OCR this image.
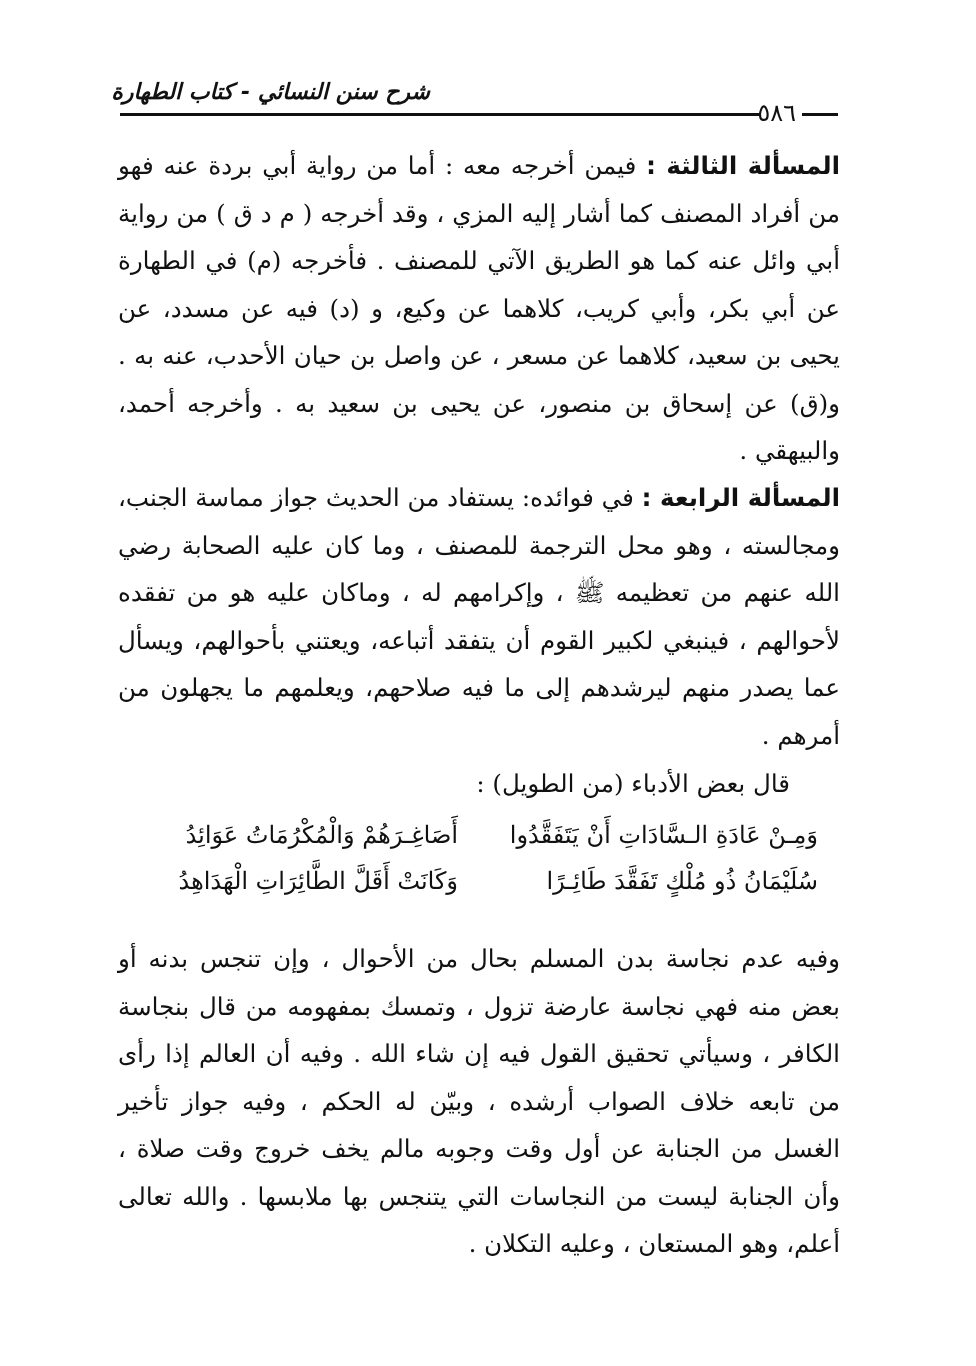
شرح سنن النسائي - كتاب الطهارة
٥٨٦
المسألة الثالثة : فيمن أخرجه معه : أما من رواية أبي بردة عنه فهو من أفراد المصنف كما أشار إليه المزي ، وقد أخرجه ( م د ق ) من رواية أبي وائل عنه كما هو الطريق الآتي للمصنف . فأخرجه (م) في الطهارة عن أبي بكر، وأبي كريب، كلاهما عن وكيع، و (د) فيه عن مسدد، عن يحيى بن سعيد، كلاهما عن مسعر ، عن واصل بن حيان الأحدب، عنه به . و(ق) عن إسحاق بن منصور، عن يحيى بن سعيد به . وأخرجه أحمد، والبيهقي .
المسألة الرابعة : في فوائده: يستفاد من الحديث جواز مماسة الجنب، ومجالسته ، وهو محل الترجمة للمصنف ، وما كان عليه الصحابة رضي الله عنهم من تعظيمه ﷺ ، وإكرامهم له ، وماكان عليه هو من تفقده لأحوالهم ، فينبغي لكبير القوم أن يتفقد أتباعه، ويعتني بأحوالهم، ويسأل عما يصدر منهم ليرشدهم إلى ما فيه صلاحهم، ويعلمهم ما يجهلون من أمرهم .
قال بعض الأدباء (من الطويل) :
وَمِـنْ عَادَةِ الـسَّادَاتِ أَنْ يَتَفَقَّدُوا
أَصَاغِـرَهُمْ وَالْمُكْرُمَاتُ عَوَائِدُ
وَكَانَتْ أَقَلَّ الطَّائِرَاتِ الْهَدَاهِدُ	سُلَيْمَانُ ذُو مُلْكٍ تَفَقَّدَ طَائِـرًا
وفيه عدم نجاسة بدن المسلم بحال من الأحوال ، وإن تنجس بدنه أو بعض منه فهي نجاسة عارضة تزول ، وتمسك بمفهومه من قال بنجاسة الكافر ، وسيأتي تحقيق القول فيه إن شاء الله . وفيه أن العالم إذا رأى من تابعه خلاف الصواب أرشده ، وبيّن له الحكم ، وفيه جواز تأخير الغسل من الجنابة عن أول وقت وجوبه مالم يخف خروج وقت صلاة ، وأن الجنابة ليست من النجاسات التي يتنجس بها ملابسها . والله تعالى أعلم، وهو المستعان ، وعليه التكلان .
